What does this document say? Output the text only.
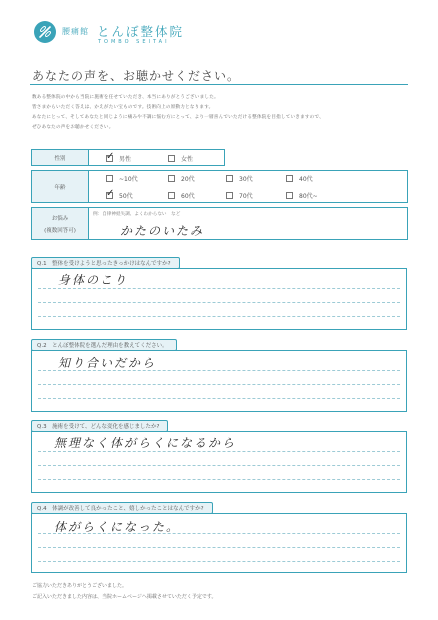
腰痛館 とんぼ整体院
TOMBO SEITAI
あなたの声を、お聴かせください。
数ある整体院の中から当院に施術を任せていただき、本当にありがとうございました。
皆さまからいただく答えは、かえがたい宝ものです。技術向上の原動力となります。
あなたにとって、そしてあなたと同じように痛みや不調に悩む方にとって、より一層喜んでいただける整体院を目指していきますので、
ぜひあなたの声をお聴かせください。
性別	✓ 男性	女性
年齢
~10代	20代	30代	40代
✓ 50代	60代	70代	80代~
お悩み
(複数回答可)
例：自律神経失調、よくわからない　など
かたのいたみ
Q.1　整体を受けようと思ったきっかけはなんですか?
身体のこり
Q.2　とんぼ整体院を選んだ理由を教えてください。
知り合いだから
Q.3　施術を受けて、どんな変化を感じましたか?
無理なく体がらくになるから
Q.4　体調が改善して良かったこと、嬉しかったことはなんですか?
体がらくになった。
ご協力いただきありがとうございました。
ご記入いただきました内容は、当院ホームページへ掲載させていただく予定です。
